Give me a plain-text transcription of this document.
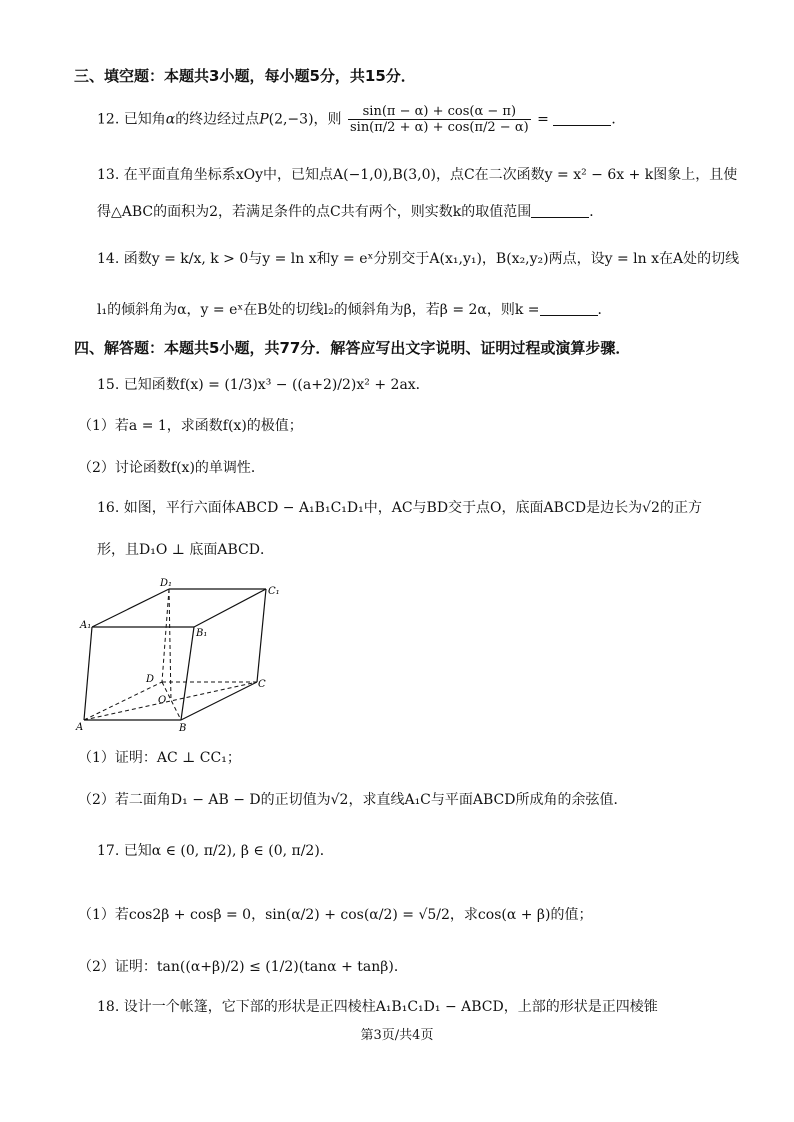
三、填空题：本题共3小题，每小题5分，共15分．
12. 已知角α的终边经过点P(2,−3)，则 $\frac{\sin(\pi - \alpha) + \cos(\alpha - \pi)}{\sin(\pi/2 + \alpha) + \cos(\pi/2 - \alpha)}$ =	．
13. 在平面直角坐标系xOy中，已知点A(−1,0),B(3,0)，点C在二次函数y = x² − 6x + k图象上，且使
得△ABC的面积为2，若满足条件的点C共有两个，则实数k的取值范围	．
14. 函数y = k/x, k > 0与y = ln x和y = eˣ分别交于A(x₁,y₁)，B(x₂,y₂)两点，设y = ln x在A处的切线
l₁的倾斜角为α，y = eˣ在B处的切线l₂的倾斜角为β，若β = 2α，则k =	．
四、解答题：本题共5小题，共77分．解答应写出文字说明、证明过程或演算步骤．
15. 已知函数f(x) = (1/3)x³ − ((a+2)/2)x² + 2ax．
（1）若a = 1，求函数f(x)的极值；
（2）讨论函数f(x)的单调性．
16. 如图，平行六面体ABCD − A₁B₁C₁D₁中，AC与BD交于点O，底面ABCD是边长为√2的正方
形，且D₁O ⊥ 底面ABCD．
D₁
C₁
A₁
B₁
D	C
O
A	B
（1）证明：AC ⊥ CC₁；
（2）若二面角D₁ − AB − D的正切值为√2，求直线A₁C与平面ABCD所成角的余弦值．
17. 已知α ∈ (0, π/2), β ∈ (0, π/2)．
（1）若cos2β + cosβ = 0，sin(α/2) + cos(α/2) = √5/2，求cos(α + β)的值；
（2）证明：tan((α+β)/2) ≤ (1/2)(tanα + tanβ)．
18. 设计一个帐篷，它下部的形状是正四棱柱A₁B₁C₁D₁ − ABCD，上部的形状是正四棱锥
第3页/共4页
